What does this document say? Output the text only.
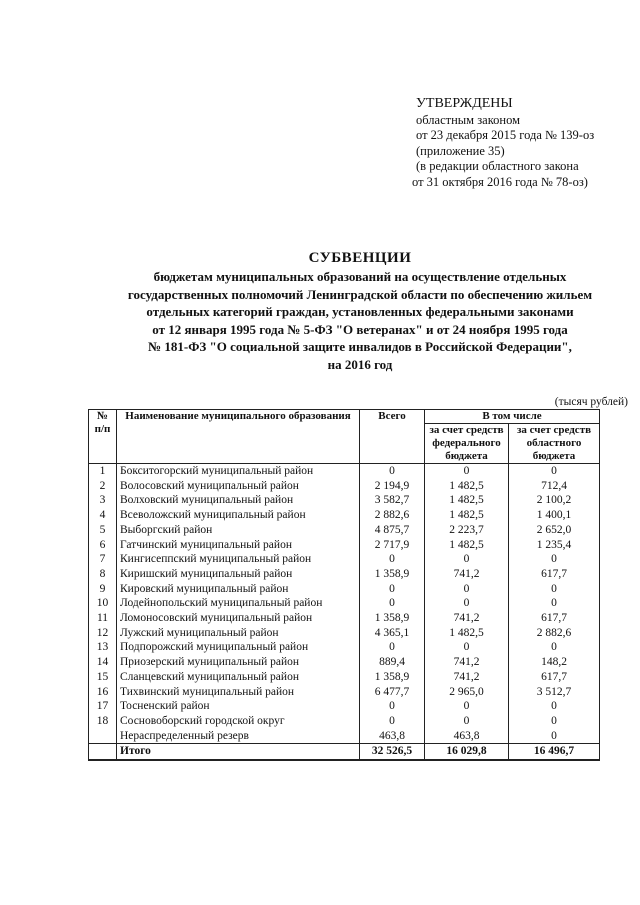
УТВЕРЖДЕНЫ
областным законом
от 23 декабря 2015 года № 139-оз
(приложение 35)
(в редакции областного закона
от 31 октября 2016 года № 78-оз)
СУБВЕНЦИИ
бюджетам муниципальных образований на осуществление отдельных
государственных полномочий Ленинградской области по обеспечению жильем
отдельных категорий граждан, установленных федеральными законами
от 12 января 1995 года № 5-ФЗ "О ветеранах" и от 24 ноября 1995 года
№ 181-ФЗ "О социальной защите инвалидов в Российской Федерации",
на 2016 год
(тысяч рублей)
№ п/п	Наименование муниципального образования	Всего	В том числе	
			за счет средств федерального бюджета	за счет средств областного бюджета
1	Бокситогорский муниципальный район	0	0	0
2	Волосовский муниципальный район	2 194,9	1 482,5	712,4
3	Волховский муниципальный район	3 582,7	1 482,5	2 100,2
4	Всеволожский муниципальный район	2 882,6	1 482,5	1 400,1
5	Выборгский район	4 875,7	2 223,7	2 652,0
6	Гатчинский муниципальный район	2 717,9	1 482,5	1 235,4
7	Кингисеппский муниципальный район	0	0	0
8	Киришский муниципальный район	1 358,9	741,2	617,7
9	Кировский муниципальный район	0	0	0
10	Лодейнопольский муниципальный район	0	0	0
11	Ломоносовский муниципальный район	1 358,9	741,2	617,7
12	Лужский муниципальный район	4 365,1	1 482,5	2 882,6
13	Подпорожский муниципальный район	0	0	0
14	Приозерский муниципальный район	889,4	741,2	148,2
15	Сланцевский муниципальный район	1 358,9	741,2	617,7
16	Тихвинский муниципальный район	6 477,7	2 965,0	3 512,7
17	Тосненский район	0	0	0
18	Сосновоборский городской округ	0	0	0
	Нераспределенный резерв	463,8	463,8	0
	Итого	32 526,5	16 029,8	16 496,7
